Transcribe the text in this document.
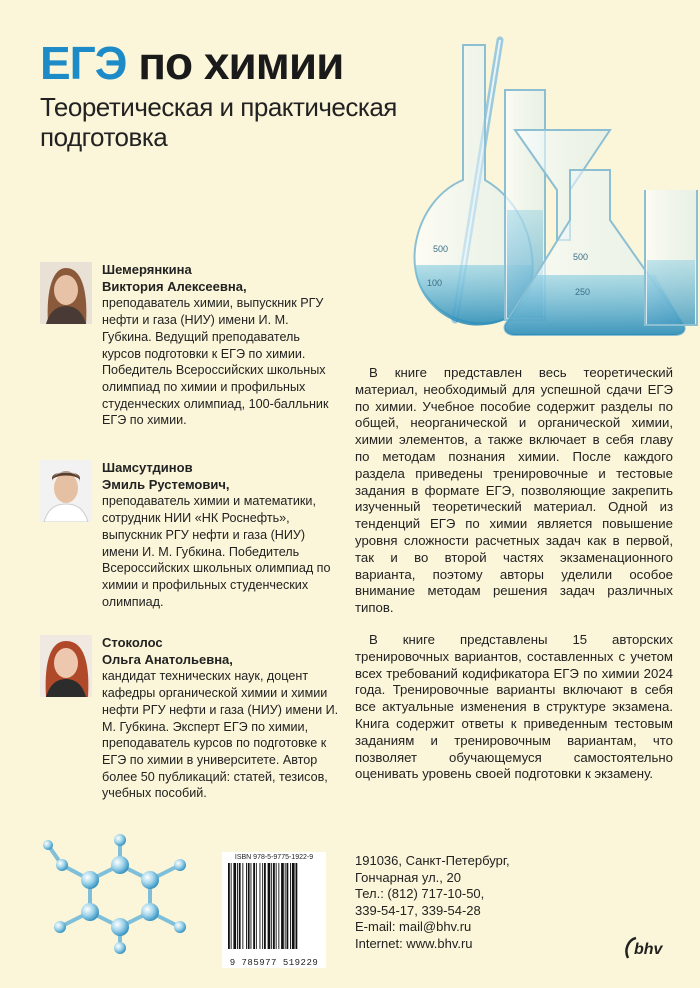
ЕГЭ по химии
Теоретическая и практическая
подготовка
500
100
500
250
Шемерянкина
Виктория Алексеевна,
преподаватель химии, выпускник РГУ нефти и газа (НИУ) имени И. М. Губкина. Ведущий преподаватель курсов подготовки к ЕГЭ по химии. Победитель Всероссийских школьных олимпиад по химии и профильных студенческих олимпиад, 100-балльник ЕГЭ по химии.
Шамсутдинов
Эмиль Рустемович,
преподаватель химии и математики, сотрудник НИИ «НК Роснефть», выпускник РГУ нефти и газа (НИУ) имени И. М. Губкина. Победитель Всероссийских школьных олимпиад по химии и профильных студенческих олимпиад.
Стоколос
Ольга Анатольевна,
кандидат технических наук, доцент кафедры органической химии и химии нефти РГУ нефти и газа (НИУ) имени И. М. Губкина. Эксперт ЕГЭ по химии, преподаватель курсов по подготовке к ЕГЭ по химии в университете. Автор более 50 публикаций: статей, тезисов, учебных пособий.
В книге представлен весь теоретический материал, необходимый для успешной сдачи ЕГЭ по химии. Учебное пособие содержит разделы по общей, неорганической и органической химии, химии элементов, а также включает в себя главу по методам познания химии. После каждого раздела приведены тренировочные и тестовые задания в формате ЕГЭ, позволяющие закрепить изученный теоретический материал. Одной из тенденций ЕГЭ по химии является повышение уровня сложности расчетных задач как в первой, так и во второй частях экзаменационного варианта, поэтому авторы уделили особое внимание методам решения задач различных типов.
В книге представлены 15 авторских тренировочных вариантов, составленных с учетом всех требований кодификатора ЕГЭ по химии 2024 года. Тренировочные варианты включают в себя все актуальные изменения в структуре экзамена. Книга содержит ответы к приведенным тестовым заданиям и тренировочным вариантам, что позволяет обучающемуся самостоятельно оценивать уровень своей подготовки к экзамену.
ISBN 978-5-9775-1922-9
9 785977 519229
191036, Санкт-Петербург,
Гончарная ул., 20
Тел.: (812) 717-10-50,
339-54-17, 339-54-28
E-mail: mail@bhv.ru
Internet: www.bhv.ru	bhv
